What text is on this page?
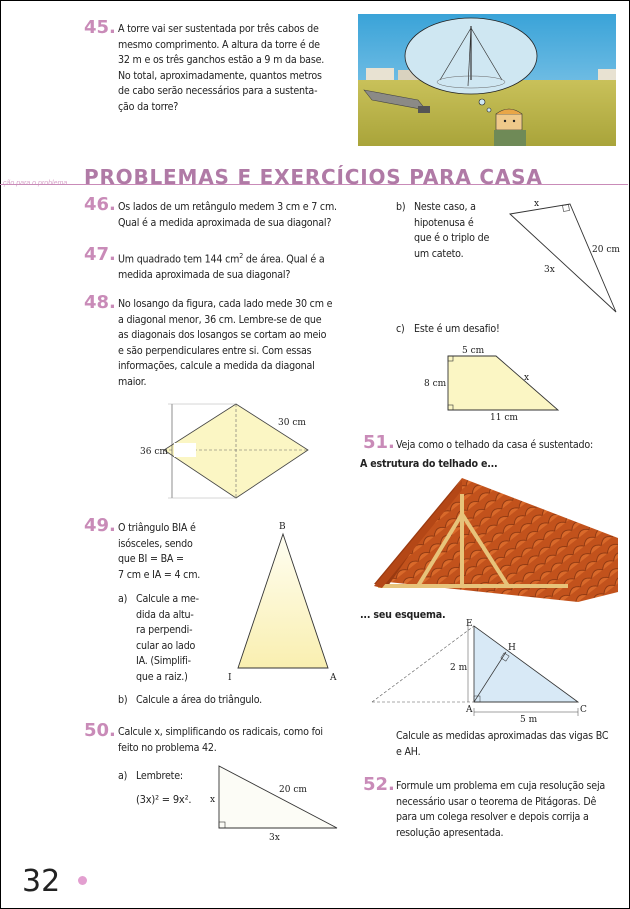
45. A torre vai ser sustentada por três cabos de

mesmo comprimento. A altura da torre é de

32 m e os três ganchos estão a 9 m da base.

No total, aproximadamente, quantos metros

de cabo serão necessários para a sustenta-

ção da torre?

PROBLEMAS E EXERCÍCIOS PARA CASA
46. Os lados de um retângulo medem 3 cm e 7 cm.

Qual é a medida aproximada de sua diagonal?

47. Um quadrado tem 144 $cm^2$ de área. Qual é a

medida aproximada de sua diagonal?

48. No losango da figura, cada lado mede 30 cm e

a diagonal menor, 36 cm. Lembre-se de que

as diagonais dos losangos se cortam ao meio

e são perpendiculares entre si. Com essas

informações, calcule a medida da diagonal

maior.

36 cm
30 cm
49. O triângulo BIA é

isósceles, sendo

que BI = BA =

7 cm e IA = 4 cm.

a) Calcule a me-

dida da altu-

ra perpendi-

cular ao lado

IA. (Simplifi-

que a raiz.)

b) Calcule a área do triângulo.
B
I	A
50. Calcule x, simplificando os radicais, como foi

feito no problema 42.

a) Lembrete:
(3x)² = 9x².
20 cm
x
3x
b) Neste caso, a

hipotenusa é

que é o triplo de

um cateto.

x
20 cm
3x
c) Este é um desafio!
5 cm
8 cm
x
11 cm
51. Veja como o telhado da casa é sustentado:
A estrutura do telhado e...
... seu esquema.
E
H
A	C
2 m
5 m

Calcule as medidas aproximadas das vigas BC

e AH.

52. Formule um problema em cuja resolução seja

necessário usar o teorema de Pitágoras. Dê

para um colega resolver e depois corrija a

resolução apresentada.

32
